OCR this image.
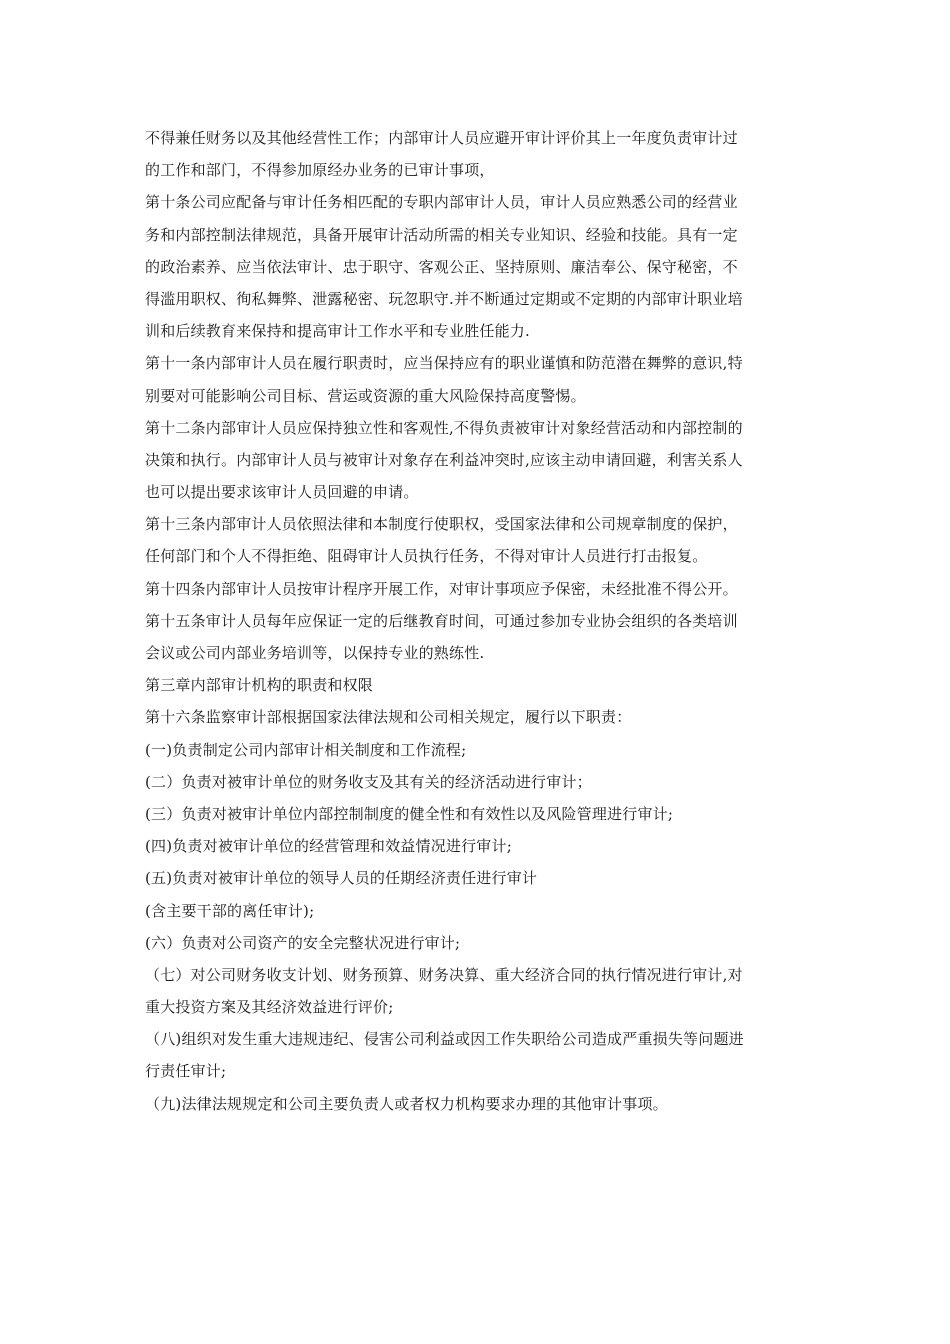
不得兼任财务以及其他经营性工作；内部审计人员应避开审计评价其上一年度负责审计过
的工作和部门，不得参加原经办业务的已审计事项，
第十条公司应配备与审计任务相匹配的专职内部审计人员，审计人员应熟悉公司的经营业
务和内部控制法律规范，具备开展审计活动所需的相关专业知识、经验和技能。具有一定
的政治素养、应当依法审计、忠于职守、客观公正、坚持原则、廉洁奉公、保守秘密，不
得滥用职权、徇私舞弊、泄露秘密、玩忽职守.并不断通过定期或不定期的内部审计职业培
训和后续教育来保持和提高审计工作水平和专业胜任能力.
第十一条内部审计人员在履行职责时，应当保持应有的职业谨慎和防范潜在舞弊的意识,特
别要对可能影响公司目标、营运或资源的重大风险保持高度警惕。
第十二条内部审计人员应保持独立性和客观性,不得负责被审计对象经营活动和内部控制的
决策和执行。内部审计人员与被审计对象存在利益冲突时,应该主动申请回避，利害关系人
也可以提出要求该审计人员回避的申请。
第十三条内部审计人员依照法律和本制度行使职权，受国家法律和公司规章制度的保护，
任何部门和个人不得拒绝、阻碍审计人员执行任务，不得对审计人员进行打击报复。
第十四条内部审计人员按审计程序开展工作，对审计事项应予保密，未经批准不得公开。
第十五条审计人员每年应保证一定的后继教育时间，可通过参加专业协会组织的各类培训
会议或公司内部业务培训等，以保持专业的熟练性.
第三章内部审计机构的职责和权限
第十六条监察审计部根据国家法律法规和公司相关规定，履行以下职责：
(一)负责制定公司内部审计相关制度和工作流程;
(二）负责对被审计单位的财务收支及其有关的经济活动进行审计；
(三）负责对被审计单位内部控制制度的健全性和有效性以及风险管理进行审计;
(四)负责对被审计单位的经营管理和效益情况进行审计;
(五)负责对被审计单位的领导人员的任期经济责任进行审计
(含主要干部的离任审计);
(六）负责对公司资产的安全完整状况进行审计;
（七）对公司财务收支计划、财务预算、财务决算、重大经济合同的执行情况进行审计,对
重大投资方案及其经济效益进行评价;
（八)组织对发生重大违规违纪、侵害公司利益或因工作失职给公司造成严重损失等问题进
行责任审计;
（九)法律法规规定和公司主要负责人或者权力机构要求办理的其他审计事项。
